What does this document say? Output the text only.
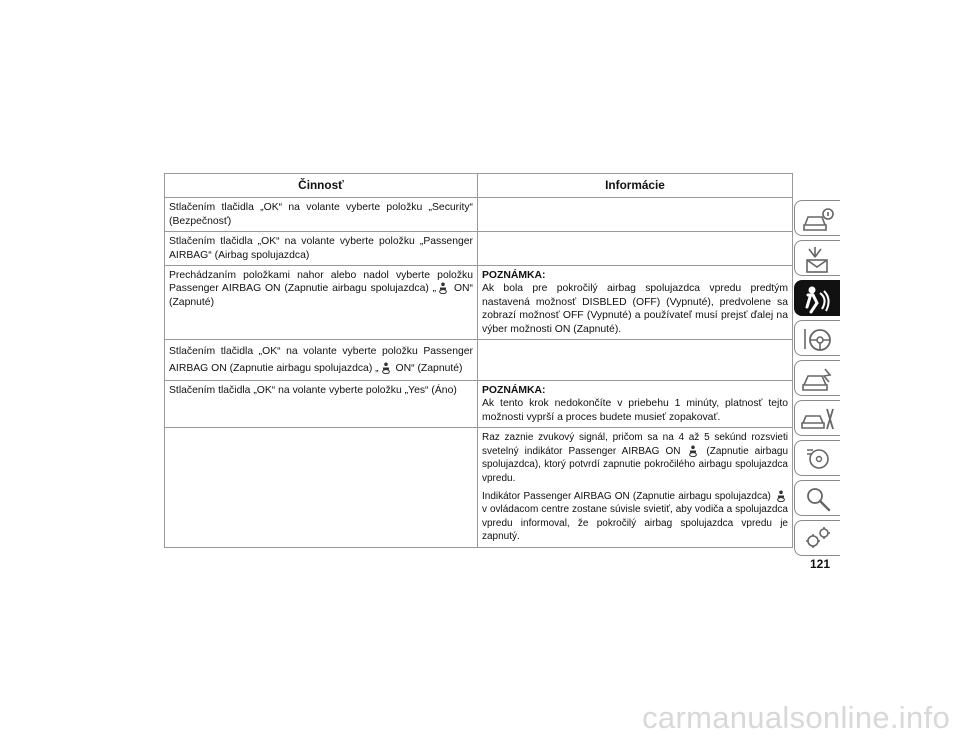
Činnosť	Informácie
Stlačením tlačidla „OK“ na volante vyberte položku „Security“ (Bezpečnosť)	
Stlačením tlačidla „OK“ na volante vyberte položku „Passenger AIRBAG“ (Airbag spolujazdca)	
Prechádzaním položkami nahor alebo nadol vyberte položku Passenger AIRBAG ON (Zapnutie airbagu spolujazdca) „
ON“ (Zapnuté)	POZNÁMKA:
Ak bola pre pokročilý airbag spolujazdca vpredu predtým nastavená možnosť DISBLED (OFF) (Vypnuté), predvolene sa zobrazí možnosť OFF (Vypnuté) a používateľ musí prejsť ďalej na výber možnosti ON (Zapnuté).
Stlačením tlačidla „OK“ na volante vyberte položku Passenger AIRBAG ON (Zapnutie airbagu spolujazdca) „
ON“ (Zapnuté)	
Stlačením tlačidla „OK“ na volante vyberte položku „Yes“ (Áno)	POZNÁMKA:
Ak tento krok nedokončíte v priebehu 1 minúty, platnosť tejto možnosti vyprší a proces budete musieť zopakovať.

	Raz zaznie zvukový signál, pričom sa na 4 až 5 sekúnd rozsvieti svetelný indikátor Passenger AIRBAG ON
(Zapnutie airbagu spolujazdca), ktorý potvrdí zapnutie pokročilého airbagu spolujazdca vpredu.
Indikátor Passenger AIRBAG ON (Zapnutie airbagu spolujazdca)
v ovládacom centre zostane súvisle svietiť, aby vodiča a spolujazdca vpredu informoval, že pokročilý airbag spolujazdca vpredu je zapnutý.
121
carmanualsonline.info
